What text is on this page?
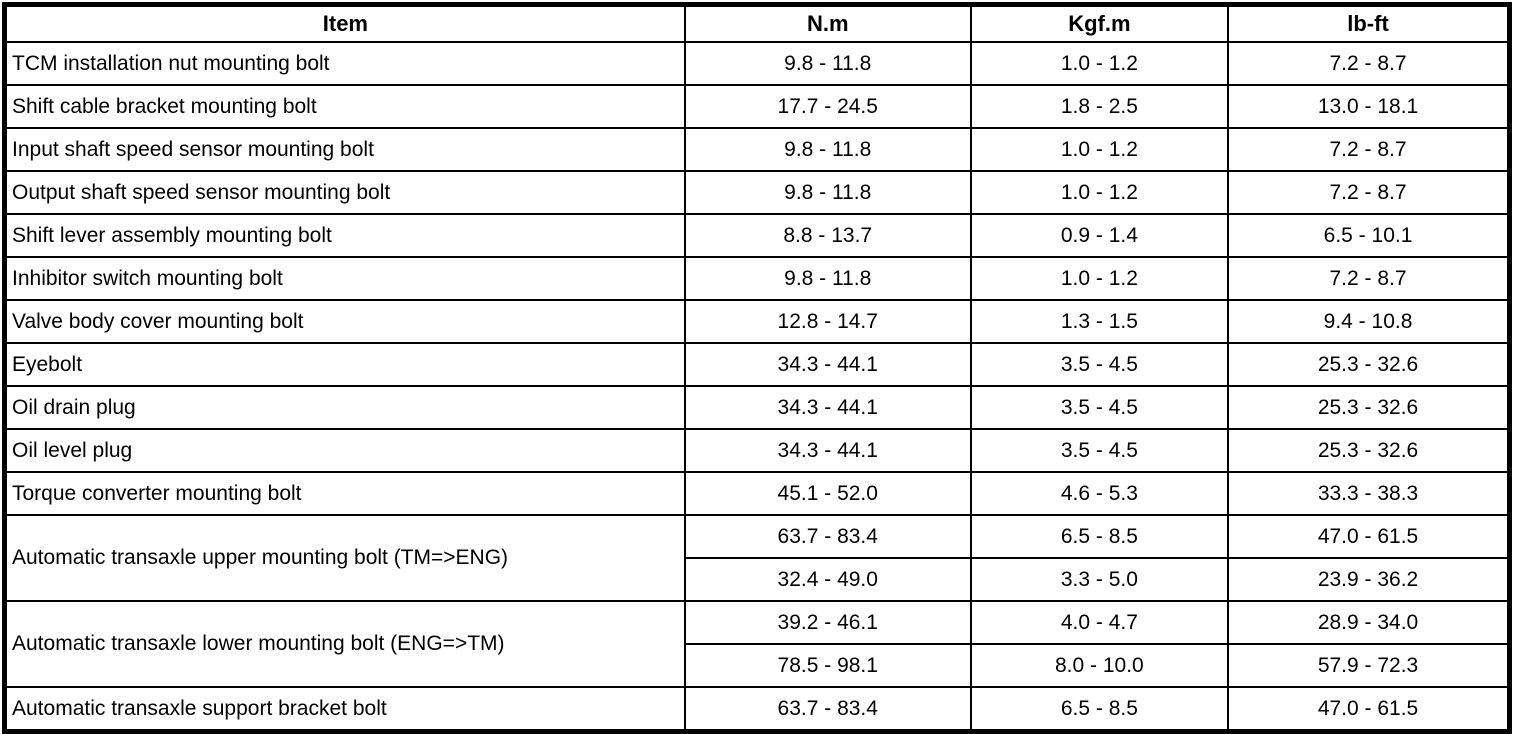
Item	N.m	Kgf.m	lb-ft
TCM installation nut mounting bolt	9.8 - 11.8	1.0 - 1.2	7.2 - 8.7
Shift cable bracket mounting bolt	17.7 - 24.5	1.8 - 2.5	13.0 - 18.1
Input shaft speed sensor mounting bolt	9.8 - 11.8	1.0 - 1.2	7.2 - 8.7
Output shaft speed sensor mounting bolt	9.8 - 11.8	1.0 - 1.2	7.2 - 8.7
Shift lever assembly mounting bolt	8.8 - 13.7	0.9 - 1.4	6.5 - 10.1
Inhibitor switch mounting bolt	9.8 - 11.8	1.0 - 1.2	7.2 - 8.7
Valve body cover mounting bolt	12.8 - 14.7	1.3 - 1.5	9.4 - 10.8
Eyebolt	34.3 - 44.1	3.5 - 4.5	25.3 - 32.6
Oil drain plug	34.3 - 44.1	3.5 - 4.5	25.3 - 32.6
Oil level plug	34.3 - 44.1	3.5 - 4.5	25.3 - 32.6
Torque converter mounting bolt	45.1 - 52.0	4.6 - 5.3	33.3 - 38.3
Automatic transaxle upper mounting bolt (TM=>ENG)	63.7 - 83.4	6.5 - 8.5	47.0 - 61.5
	32.4 - 49.0	3.3 - 5.0	23.9 - 36.2
Automatic transaxle lower mounting bolt (ENG=>TM)	39.2 - 46.1	4.0 - 4.7	28.9 - 34.0
	78.5 - 98.1	8.0 - 10.0	57.9 - 72.3
Automatic transaxle support bracket bolt	63.7 - 83.4	6.5 - 8.5	47.0 - 61.5
